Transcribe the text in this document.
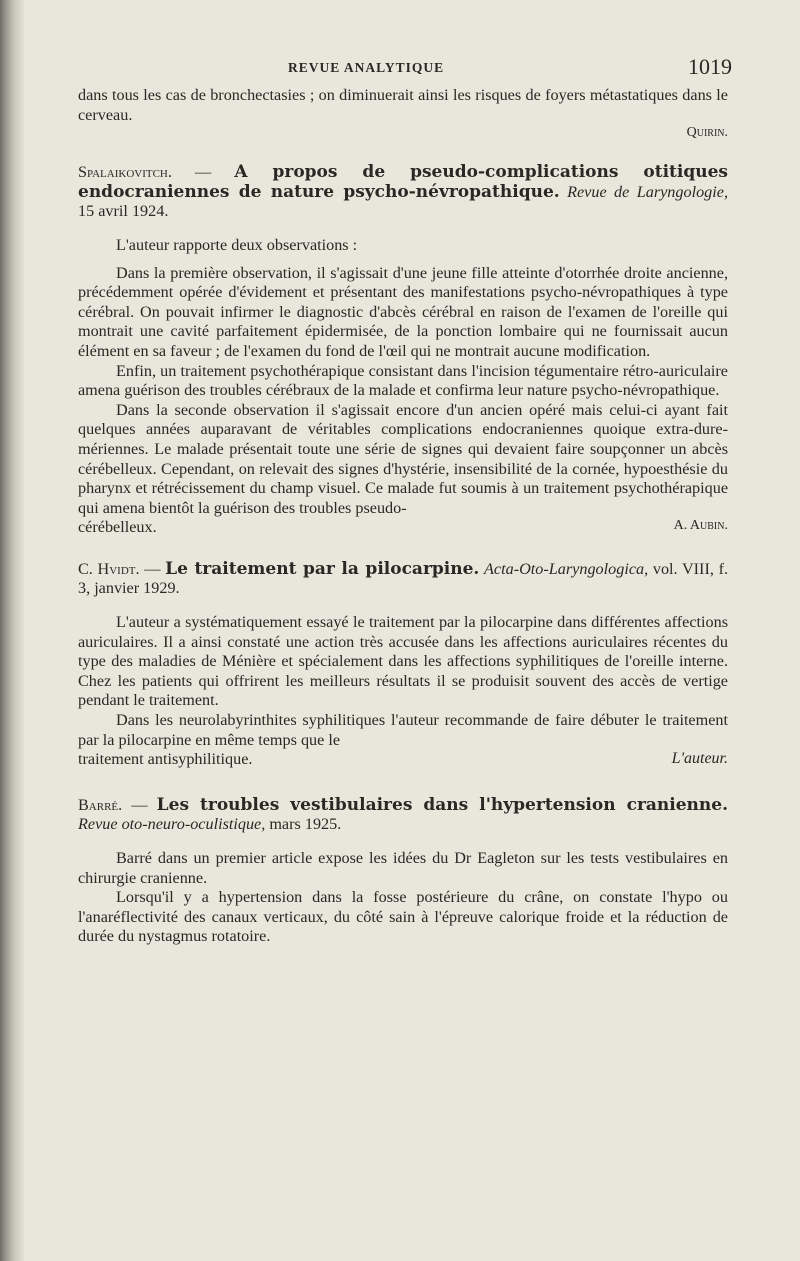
REVUE ANALYTIQUE	1019

dans tous les cas de bronchectasies ; on diminuerait ainsi les risques de foyers métastatiques dans le cerveau.

Quirin.
Spalaikovitch. — A propos de pseudo-complications otitiques endocraniennes de nature psycho-névropathique. Revue de Laryngologie, 15 avril 1924.

L'auteur rapporte deux observations :

Dans la première observation, il s'agissait d'une jeune fille atteinte d'otorrhée droite ancienne, précédemment opérée d'évidement et présentant des manifestations psycho-névropathiques à type cérébral. On pouvait infirmer le diagnostic d'abcès cérébral en raison de l'examen de l'oreille qui montrait une cavité parfaitement épidermisée, de la ponction lombaire qui ne fournissait aucun élément en sa faveur ; de l'examen du fond de l'œil qui ne montrait aucune modification.

Enfin, un traitement psychothérapique consistant dans l'incision tégumentaire rétro-auriculaire amena guérison des troubles cérébraux de la malade et confirma leur nature psycho-névropathique.

Dans la seconde observation il s'agissait encore d'un ancien opéré mais celui-ci ayant fait quelques années auparavant de véritables complications endocraniennes quoique extra-dure-mériennes. Le malade présentait toute une série de signes qui devaient faire soupçonner un abcès cérébelleux. Cependant, on relevait des signes d'hystérie, insensibilité de la cornée, hypoesthésie du pharynx et rétrécissement du champ visuel. Ce malade fut soumis à un traitement psychothérapique qui amena bientôt la guérison des troubles pseudo-

cérébelleux.	A. Aubin.
C. Hvidt. — Le traitement par la pilocarpine. Acta-Oto-Laryngologica, vol. VIII, f. 3, janvier 1929.

L'auteur a systématiquement essayé le traitement par la pilocarpine dans différentes affections auriculaires. Il a ainsi constaté une action très accusée dans les affections auriculaires récentes du type des maladies de Ménière et spécialement dans les affections syphilitiques de l'oreille interne. Chez les patients qui offrirent les meilleurs résultats il se produisit souvent des accès de vertige pendant le traitement.

Dans les neurolabyrinthites syphilitiques l'auteur recommande de faire débuter le traitement par la pilocarpine en même temps que le

traitement antisyphilitique.	L'auteur.
Barré. — Les troubles vestibulaires dans l'hypertension cranienne. Revue oto-neuro-oculistique, mars 1925.

Barré dans un premier article expose les idées du Dr Eagleton sur les tests vestibulaires en chirurgie cranienne.

Lorsqu'il y a hypertension dans la fosse postérieure du crâne, on constate l'hypo ou l'anaréflectivité des canaux verticaux, du côté sain à l'épreuve calorique froide et la réduction de durée du nystagmus rotatoire.
